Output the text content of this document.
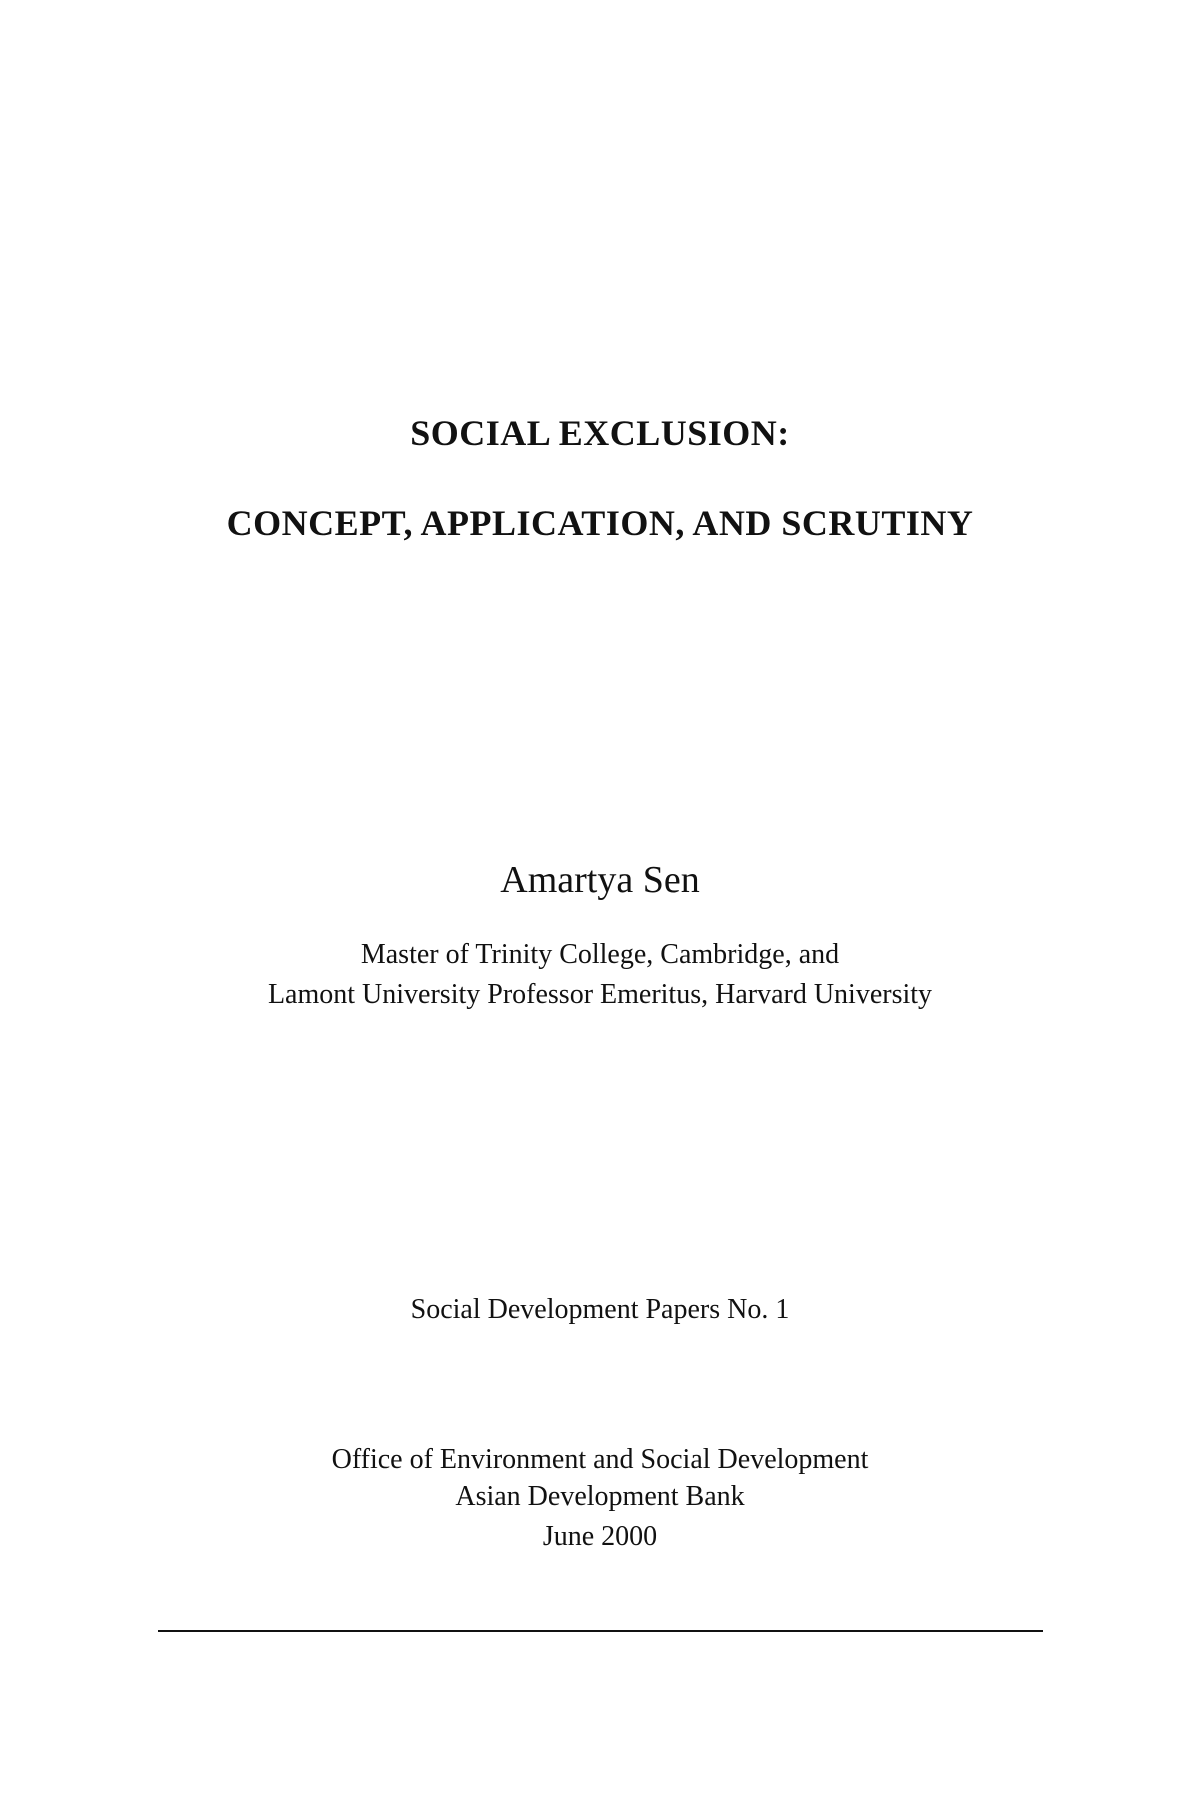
SOCIAL EXCLUSION:
CONCEPT, APPLICATION, AND SCRUTINY
Amartya Sen
Master of Trinity College, Cambridge, and
Lamont University Professor Emeritus, Harvard University
Social Development Papers No. 1
Office of Environment and Social Development
Asian Development Bank
June 2000
